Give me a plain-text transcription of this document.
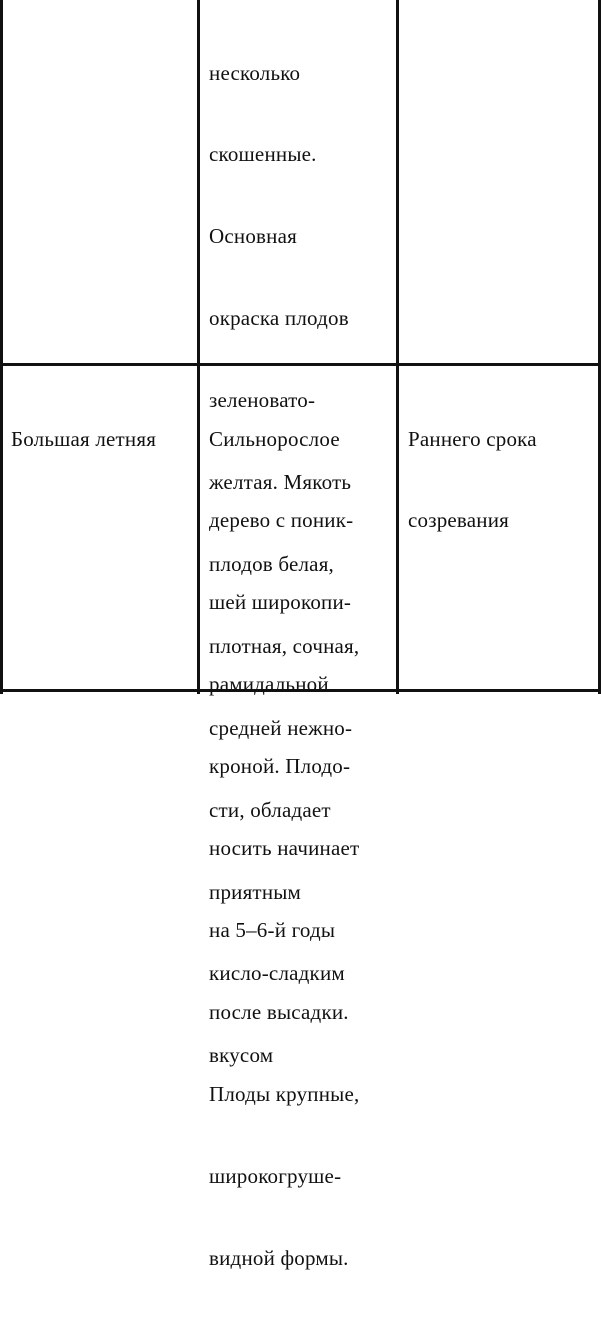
несколько

скошенные.

Основная

окраска плодов

зеленовато-

желтая. Мякоть

плодов белая,

плотная, сочная,

средней нежно-

сти, обладает

приятным

кисло-сладким

вкусом

Большая летняя

	Сильнорослое

дерево с поник-

шей широкопи-

рамидальной

кроной. Плодо-

носить начинает

на 5–6-й годы

после высадки.

Плоды крупные,

широкогруше-

видной формы.

Раннего срока

созревания
